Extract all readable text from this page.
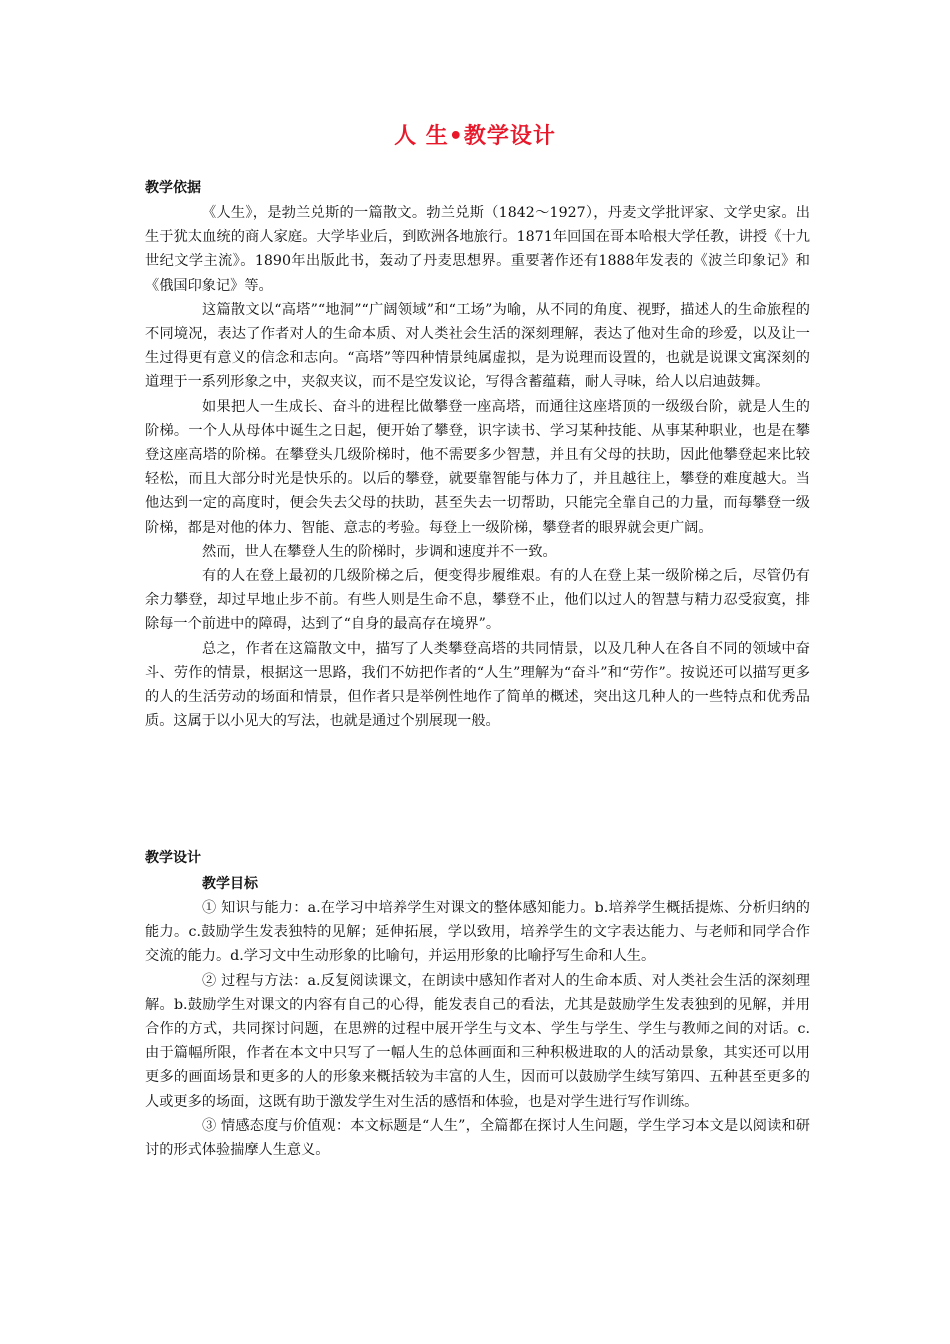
人 生•教学设计
教学依据

《人生》，是勃兰兑斯的一篇散文。勃兰兑斯（1842～1927），丹麦文学批评家、文学史家。出生于犹太血统的商人家庭。大学毕业后，到欧洲各地旅行。1871年回国在哥本哈根大学任教，讲授《十九世纪文学主流》。1890年出版此书，轰动了丹麦思想界。重要著作还有1888年发表的《波兰印象记》和《俄国印象记》等。

这篇散文以“高塔”“地洞”“广阔领域”和“工场”为喻，从不同的角度、视野，描述人的生命旅程的不同境况，表达了作者对人的生命本质、对人类社会生活的深刻理解，表达了他对生命的珍爱，以及让一生过得更有意义的信念和志向。“高塔”等四种情景纯属虚拟，是为说理而设置的，也就是说课文寓深刻的道理于一系列形象之中，夹叙夹议，而不是空发议论，写得含蓄蕴藉，耐人寻味，给人以启迪鼓舞。

如果把人一生成长、奋斗的进程比做攀登一座高塔，而通往这座塔顶的一级级台阶，就是人生的阶梯。一个人从母体中诞生之日起，便开始了攀登，识字读书、学习某种技能、从事某种职业，也是在攀登这座高塔的阶梯。在攀登头几级阶梯时，他不需要多少智慧，并且有父母的扶助，因此他攀登起来比较轻松，而且大部分时光是快乐的。以后的攀登，就要靠智能与体力了，并且越往上，攀登的难度越大。当他达到一定的高度时，便会失去父母的扶助，甚至失去一切帮助，只能完全靠自己的力量，而每攀登一级阶梯，都是对他的体力、智能、意志的考验。每登上一级阶梯，攀登者的眼界就会更广阔。

然而，世人在攀登人生的阶梯时，步调和速度并不一致。

有的人在登上最初的几级阶梯之后，便变得步履维艰。有的人在登上某一级阶梯之后，尽管仍有余力攀登，却过早地止步不前。有些人则是生命不息，攀登不止，他们以过人的智慧与精力忍受寂寞，排除每一个前进中的障碍，达到了“自身的最高存在境界”。

总之，作者在这篇散文中，描写了人类攀登高塔的共同情景，以及几种人在各自不同的领域中奋斗、劳作的情景，根据这一思路，我们不妨把作者的“人生”理解为“奋斗”和“劳作”。按说还可以描写更多的人的生活劳动的场面和情景，但作者只是举例性地作了简单的概述，突出这几种人的一些特点和优秀品质。这属于以小见大的写法，也就是通过个别展现一般。

教学设计

教学目标

① 知识与能力：a.在学习中培养学生对课文的整体感知能力。b.培养学生概括提炼、分析归纳的能力。c.鼓励学生发表独特的见解；延伸拓展，学以致用，培养学生的文字表达能力、与老师和同学合作交流的能力。d.学习文中生动形象的比喻句，并运用形象的比喻抒写生命和人生。

② 过程与方法：a.反复阅读课文，在朗读中感知作者对人的生命本质、对人类社会生活的深刻理解。b.鼓励学生对课文的内容有自己的心得，能发表自己的看法，尤其是鼓励学生发表独到的见解，并用合作的方式，共同探讨问题，在思辨的过程中展开学生与文本、学生与学生、学生与教师之间的对话。c.由于篇幅所限，作者在本文中只写了一幅人生的总体画面和三种积极进取的人的活动景象，其实还可以用更多的画面场景和更多的人的形象来概括较为丰富的人生，因而可以鼓励学生续写第四、五种甚至更多的人或更多的场面，这既有助于激发学生对生活的感悟和体验，也是对学生进行写作训练。

③ 情感态度与价值观：本文标题是“人生”，全篇都在探讨人生问题，学生学习本文是以阅读和研讨的形式体验揣摩人生意义。
